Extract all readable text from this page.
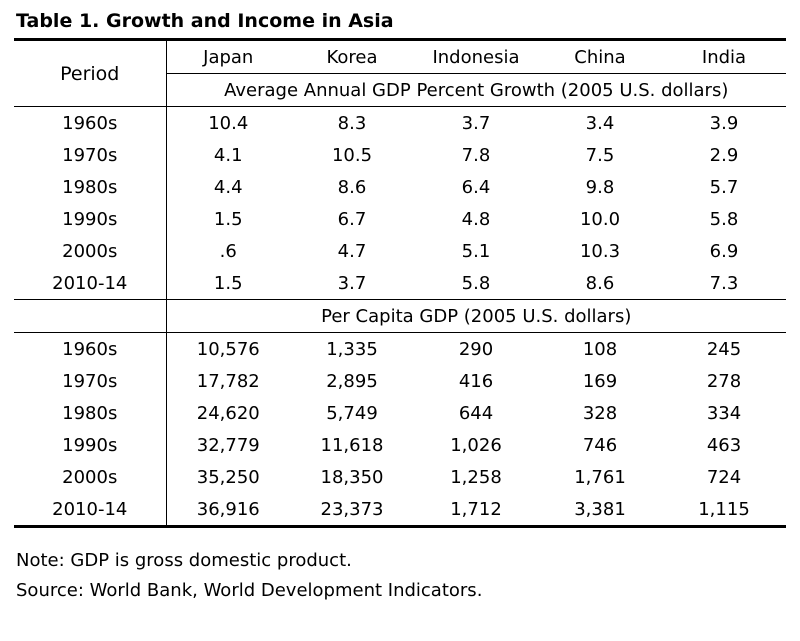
Table 1. Growth and Income in Asia
Period	Japan	Korea	Indonesia	China	India
	Average Annual GDP Percent Growth (2005 U.S. dollars)				
1960s	10.4	8.3	3.7	3.4	3.9
1970s	4.1	10.5	7.8	7.5	2.9
1980s	4.4	8.6	6.4	9.8	5.7
1990s	1.5	6.7	4.8	10.0	5.8
2000s	.6	4.7	5.1	10.3	6.9
2010-14	1.5	3.7	5.8	8.6	7.3
	Per Capita GDP (2005 U.S. dollars)				
1960s	10,576	1,335	290	108	245
1970s	17,782	2,895	416	169	278
1980s	24,620	5,749	644	328	334
1990s	32,779	11,618	1,026	746	463
2000s	35,250	18,350	1,258	1,761	724
2010-14	36,916	23,373	1,712	3,381	1,115
Note: GDP is gross domestic product.
Source: World Bank, World Development Indicators.
